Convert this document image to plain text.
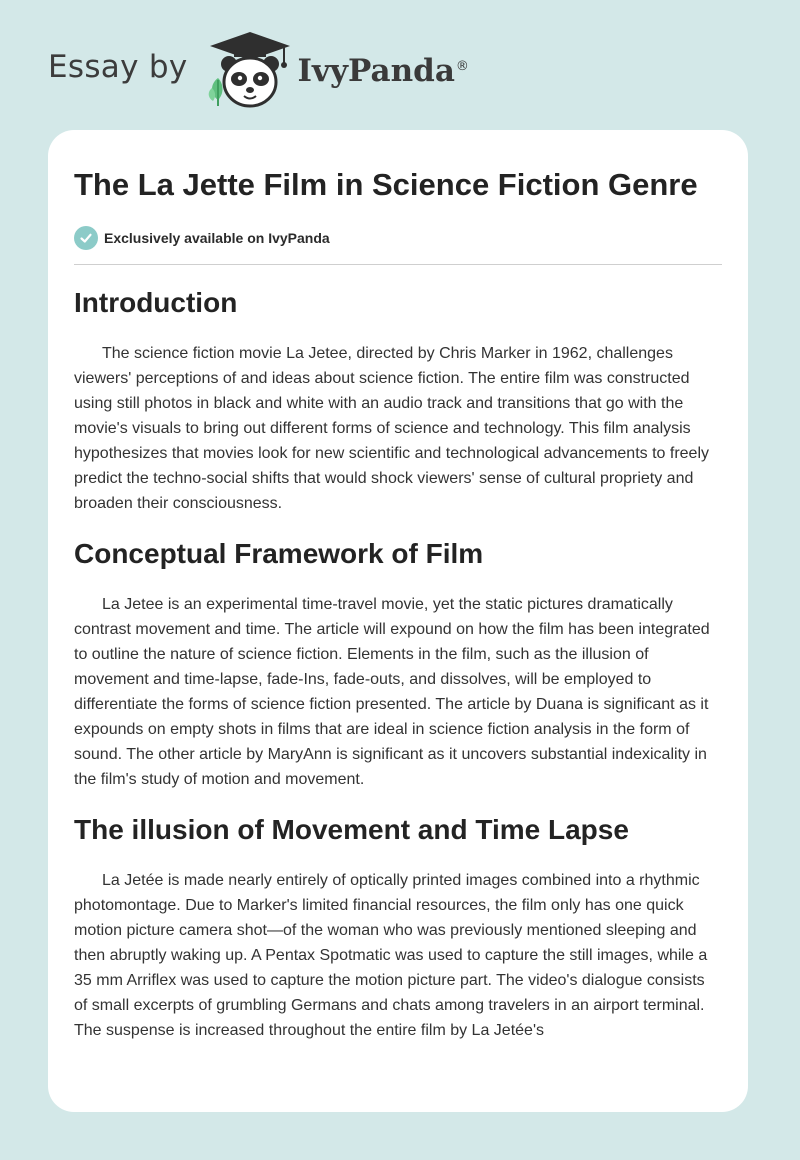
Essay by	IvyPanda ®
The La Jette Film in Science Fiction Genre
Exclusively available on IvyPanda
Introduction

The science fiction movie La Jetee, directed by Chris Marker in 1962, challenges viewers' perceptions of and ideas about science fiction. The entire film was constructed using still photos in black and white with an audio track and transitions that go with the movie's visuals to bring out different forms of science and technology. This film analysis hypothesizes that movies look for new scientific and technological advancements to freely predict the techno-social shifts that would shock viewers' sense of cultural propriety and broaden their consciousness.

Conceptual Framework of Film

La Jetee is an experimental time-travel movie, yet the static pictures dramatically contrast movement and time. The article will expound on how the film has been integrated to outline the nature of science fiction. Elements in the film, such as the illusion of movement and time-lapse, fade-Ins, fade-outs, and dissolves, will be employed to differentiate the forms of science fiction presented. The article by Duana is significant as it expounds on empty shots in films that are ideal in science fiction analysis in the form of sound. The other article by MaryAnn is significant as it uncovers substantial indexicality in the film's study of motion and movement.

The illusion of Movement and Time Lapse

La Jetée is made nearly entirely of optically printed images combined into a rhythmic photomontage. Due to Marker's limited financial resources, the film only has one quick motion picture camera shot—of the woman who was previously mentioned sleeping and then abruptly waking up. A Pentax Spotmatic was used to capture the still images, while a 35 mm Arriflex was used to capture the motion picture part. The video's dialogue consists of small excerpts of grumbling Germans and chats among travelers in an airport terminal. The suspense is increased throughout the entire film by La Jetée's
